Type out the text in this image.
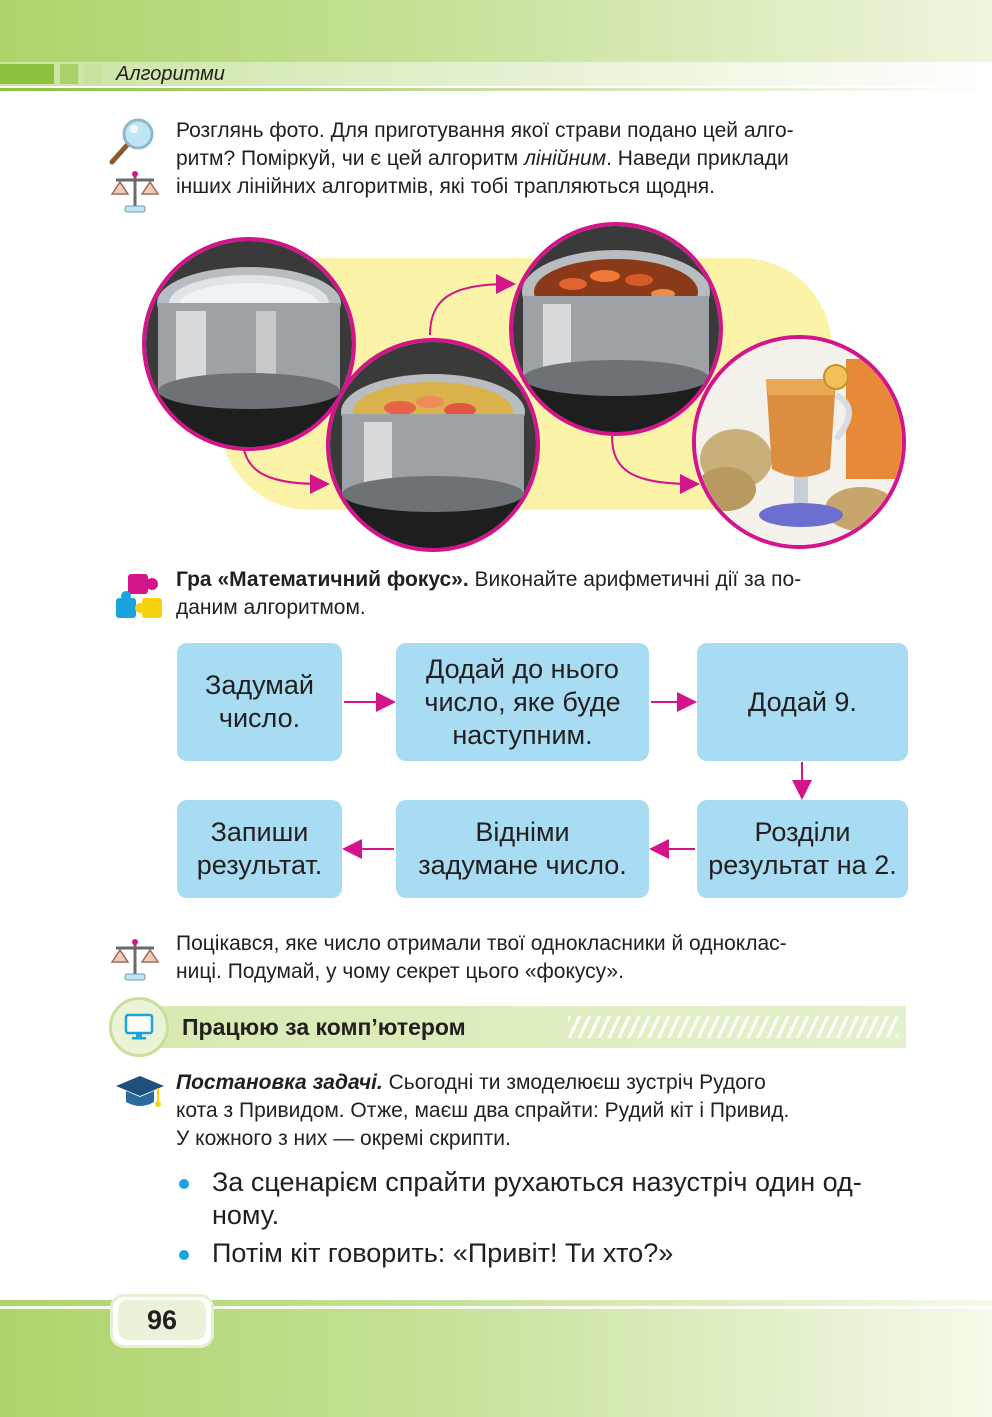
Алгоритми
Розглянь фото. Для приготування якої страви подано цей алго-
ритм? Поміркуй, чи є цей алгоритм лінійним. Наведи приклади
інших лінійних алгоритмів, які тобі трапляються щодня.
Гра «Математичний фокус». Виконайте арифметичні дії за по-
даним алгоритмом.
Задумай
число.
Додай до нього
число, яке буде
наступним.
Додай 9.
Розділи
результат на 2.
Відніми
задумане число.
Запиши
результат.
Поцікався, яке число отримали твої однокласники й одноклас-
ниці. Подумай, у чому секрет цього «фокусу».
Працюю за комп’ютером
Постановка задачі. Сьогодні ти змоделюєш зустріч Рудого
кота з Привидом. Отже, маєш два спрайти: Рудий кіт і Привид.
У кожного з них — окремі скрипти.
За сценарієм спрайти рухаються назустріч один од-
ному.
Потім кіт говорить: «Привіт! Ти хто?»
96
